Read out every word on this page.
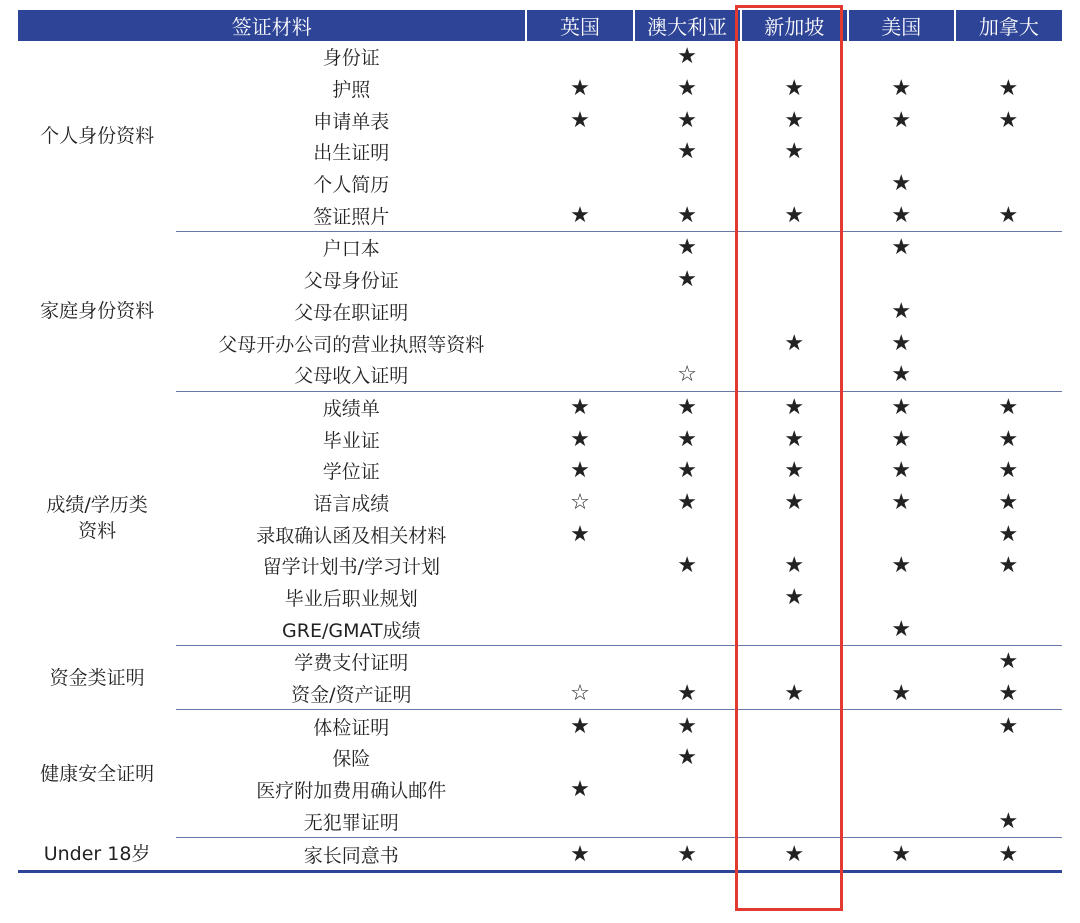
签证材料		英国	澳大利亚	新加坡	美国	加拿大
个人身份资料	身份证		★			
	护照	★	★	★	★	★
	申请单表	★	★	★	★	★
	出生证明		★	★		
	个人简历				★	
	签证照片	★	★	★	★	★
家庭身份资料	户口本		★		★	
	父母身份证		★			
	父母在职证明				★	
	父母开办公司的营业执照等资料			★	★	
	父母收入证明		☆		★	
成绩/学历类
资料	成绩单	★	★	★	★	★
	毕业证	★	★	★	★	★
	学位证	★	★	★	★	★
	语言成绩	☆	★	★	★	★
	录取确认函及相关材料	★				★
	留学计划书/学习计划		★	★	★	★
	毕业后职业规划			★		
	GRE/GMAT成绩				★	
资金类证明	学费支付证明					★
	资金/资产证明	☆	★	★	★	★
健康安全证明	体检证明	★	★			★
	保险		★			
	医疗附加费用确认邮件	★				
	无犯罪证明					★
Under 18岁	家长同意书	★	★	★	★	★
